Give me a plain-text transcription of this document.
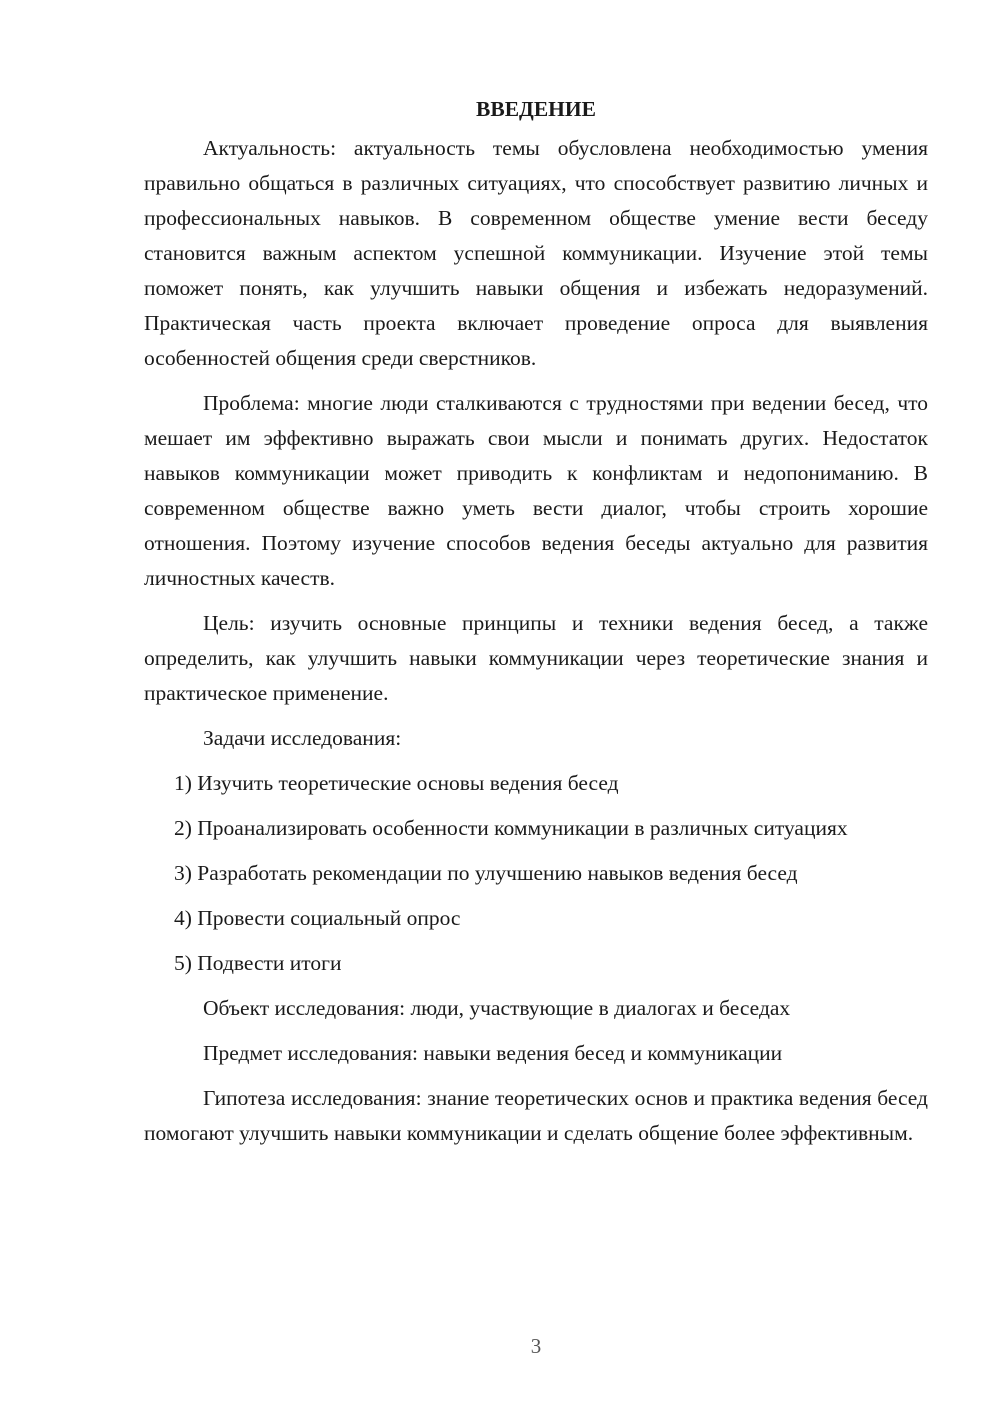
ВВЕДЕНИЕ

Актуальность: актуальность темы обусловлена необходимостью умения правильно общаться в различных ситуациях, что способствует развитию личных и профессиональных навыков. В современном обществе умение вести беседу становится важным аспектом успешной коммуникации. Изучение этой темы поможет понять, как улучшить навыки общения и избежать недоразумений. Практическая часть проекта включает проведение опроса для выявления особенностей общения среди сверстников.

Проблема: многие люди сталкиваются с трудностями при ведении бесед, что мешает им эффективно выражать свои мысли и понимать других. Недостаток навыков коммуникации может приводить к конфликтам и недопониманию. В современном обществе важно уметь вести диалог, чтобы строить хорошие отношения. Поэтому изучение способов ведения беседы актуально для развития личностных качеств.

Цель: изучить основные принципы и техники ведения бесед, а также определить, как улучшить навыки коммуникации через теоретические знания и практическое применение.

Задачи исследования:

1) Изучить теоретические основы ведения бесед

2) Проанализировать особенности коммуникации в различных ситуациях

3) Разработать рекомендации по улучшению навыков ведения бесед

4) Провести социальный опрос

5) Подвести итоги

Объект исследования: люди, участвующие в диалогах и беседах

Предмет исследования: навыки ведения бесед и коммуникации

Гипотеза исследования: знание теоретических основ и практика ведения бесед помогают улучшить навыки коммуникации и сделать общение более эффективным.

3
